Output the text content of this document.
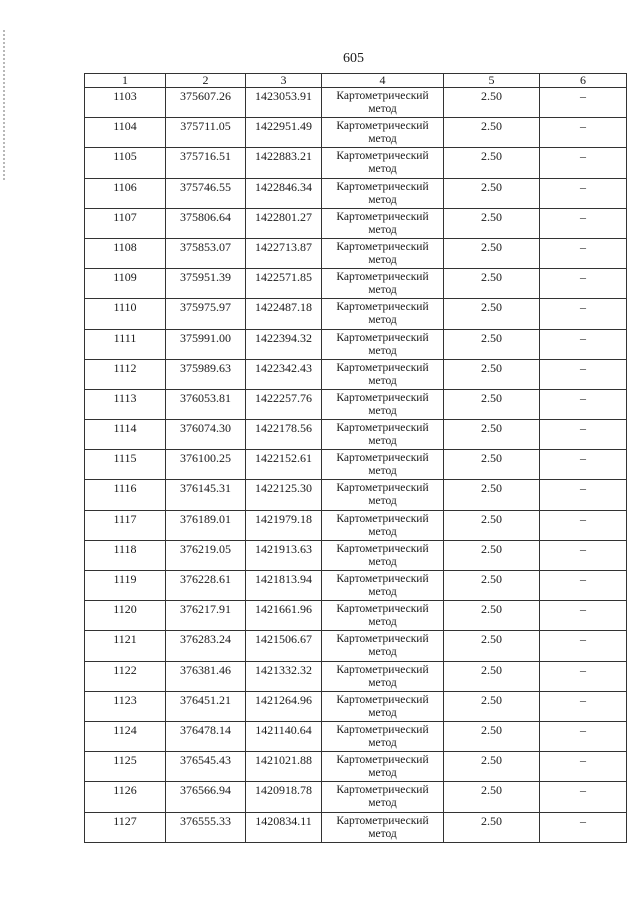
605
1	2	3	4	5	6
1103	375607.26	1423053.91	Картометрический метод	2.50	–
1104	375711.05	1422951.49	Картометрический метод	2.50	–
1105	375716.51	1422883.21	Картометрический метод	2.50	–
1106	375746.55	1422846.34	Картометрический метод	2.50	–
1107	375806.64	1422801.27	Картометрический метод	2.50	–
1108	375853.07	1422713.87	Картометрический метод	2.50	–
1109	375951.39	1422571.85	Картометрический метод	2.50	–
1110	375975.97	1422487.18	Картометрический метод	2.50	–
1111	375991.00	1422394.32	Картометрический метод	2.50	–
1112	375989.63	1422342.43	Картометрический метод	2.50	–
1113	376053.81	1422257.76	Картометрический метод	2.50	–
1114	376074.30	1422178.56	Картометрический метод	2.50	–
1115	376100.25	1422152.61	Картометрический метод	2.50	–
1116	376145.31	1422125.30	Картометрический метод	2.50	–
1117	376189.01	1421979.18	Картометрический метод	2.50	–
1118	376219.05	1421913.63	Картометрический метод	2.50	–
1119	376228.61	1421813.94	Картометрический метод	2.50	–
1120	376217.91	1421661.96	Картометрический метод	2.50	–
1121	376283.24	1421506.67	Картометрический метод	2.50	–
1122	376381.46	1421332.32	Картометрический метод	2.50	–
1123	376451.21	1421264.96	Картометрический метод	2.50	–
1124	376478.14	1421140.64	Картометрический метод	2.50	–
1125	376545.43	1421021.88	Картометрический метод	2.50	–
1126	376566.94	1420918.78	Картометрический метод	2.50	–
1127	376555.33	1420834.11	Картометрический метод	2.50	–
